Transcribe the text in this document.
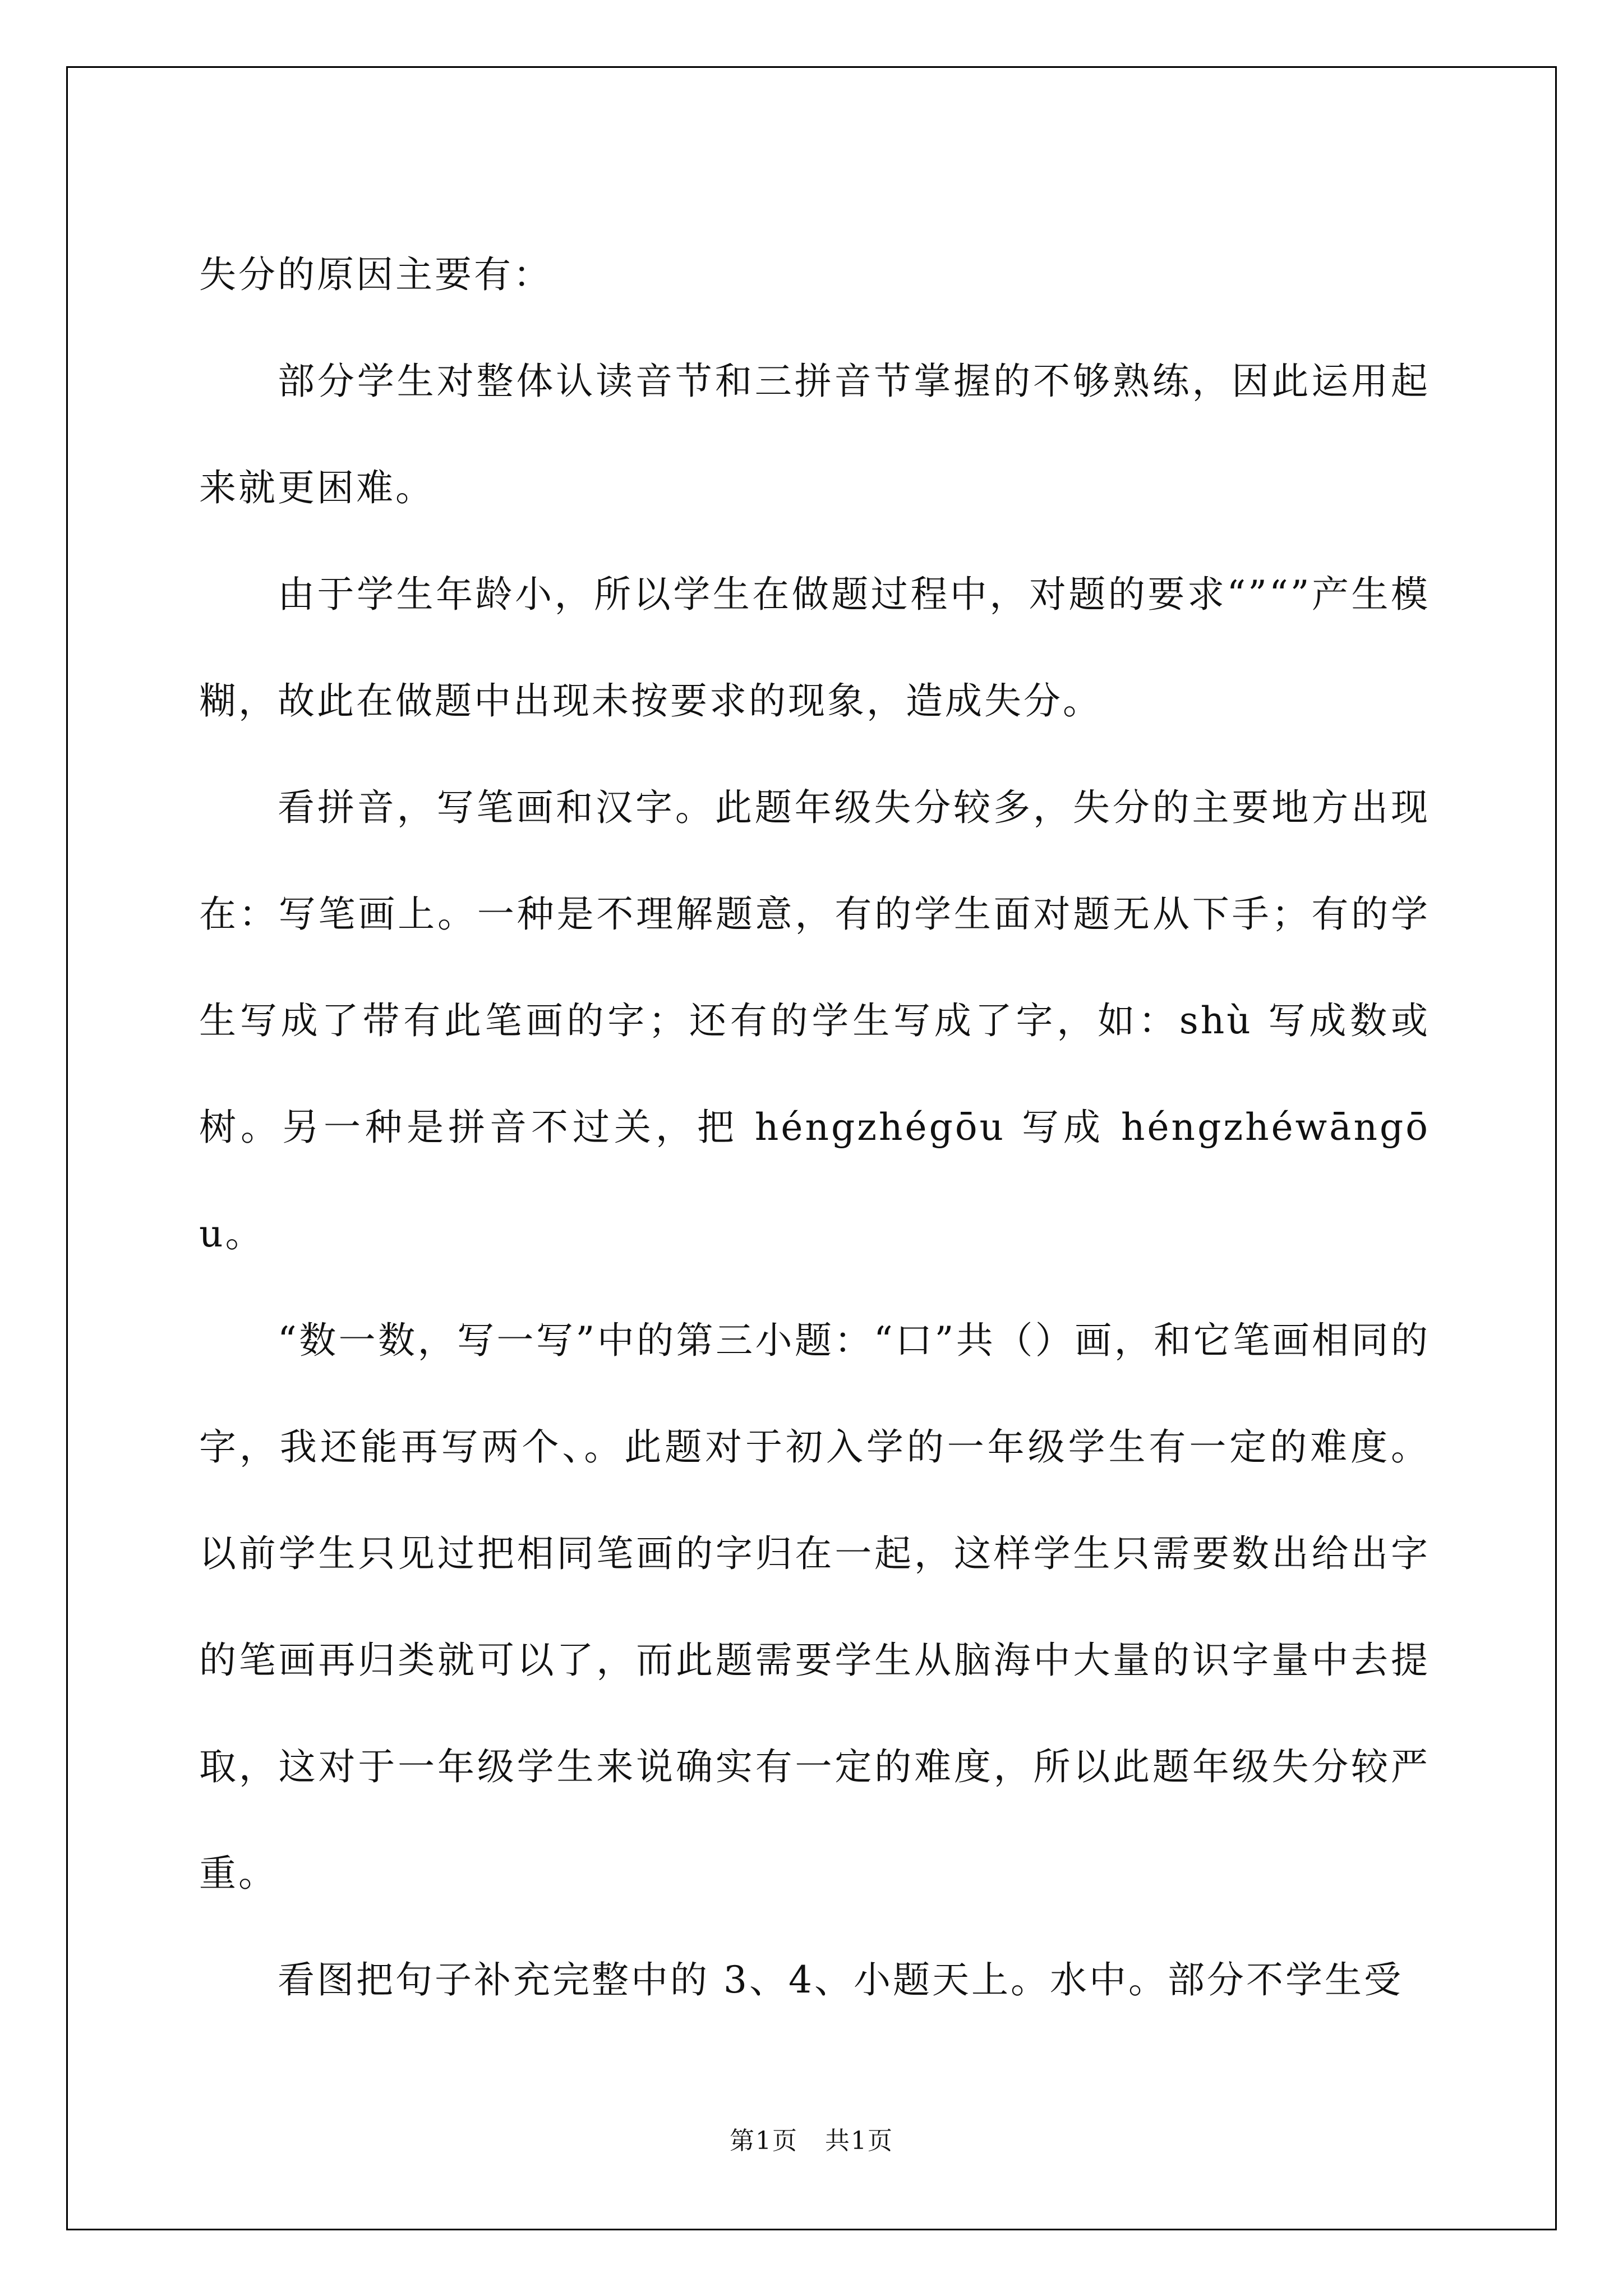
失分的原因主要有：

部分学生对整体认读音节和三拼音节掌握的不够熟练，因此运用起来就更困难。

由于学生年龄小，所以学生在做题过程中，对题的要求“”“”产生模糊，故此在做题中出现未按要求的现象，造成失分。

看拼音，写笔画和汉字。此题年级失分较多，失分的主要地方出现在：写笔画上。一种是不理解题意，有的学生面对题无从下手；有的学生写成了带有此笔画的字；还有的学生写成了字，如：shù 写成数或树。另一种是拼音不过关，把 héngzhégōu 写成 héngzhéwāngōu。

“数一数，写一写”中的第三小题：“口”共（）画，和它笔画相同的字，我还能再写两个、。此题对于初入学的一年级学生有一定的难度。以前学生只见过把相同笔画的字归在一起，这样学生只需要数出给出字的笔画再归类就可以了，而此题需要学生从脑海中大量的识字量中去提取，这对于一年级学生来说确实有一定的难度，所以此题年级失分较严重。

看图把句子补充完整中的 3、4、小题天上。水中。部分不学生受

第1页 共1页
